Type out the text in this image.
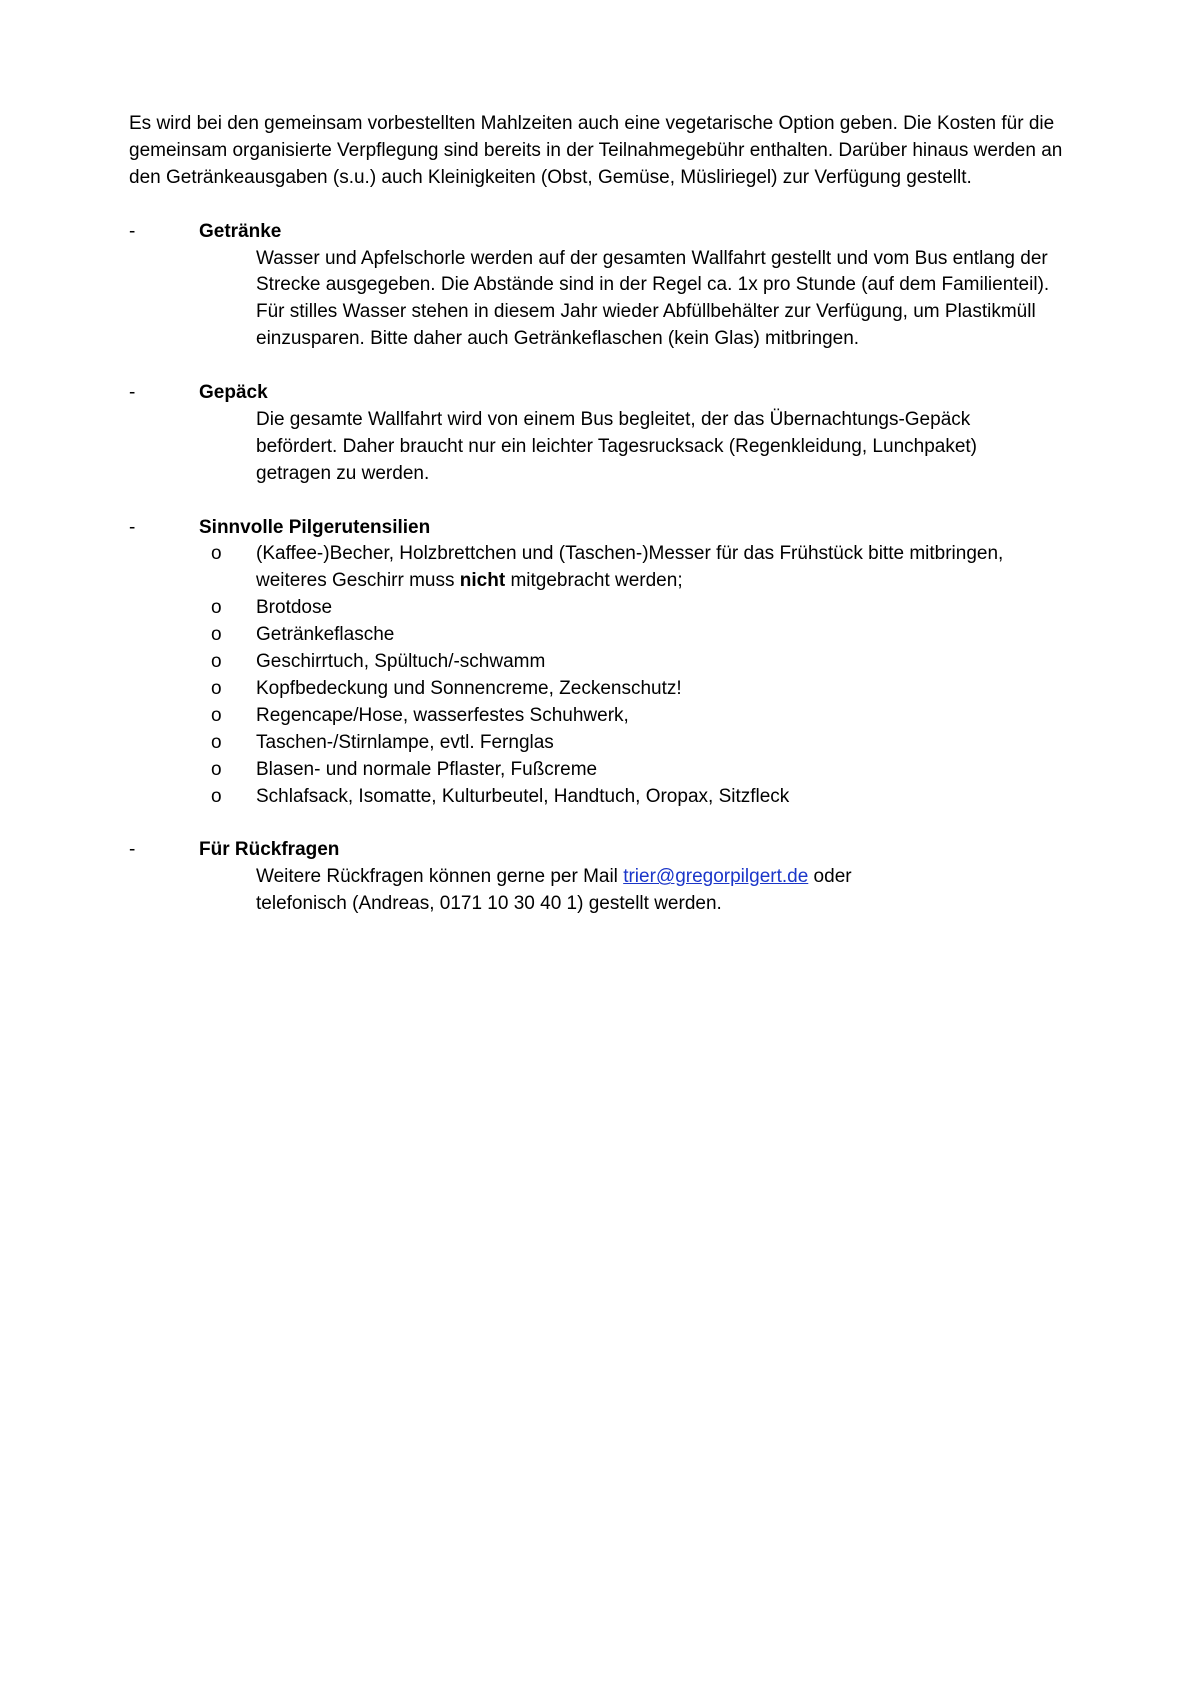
Es wird bei den gemeinsam vorbestellten Mahlzeiten auch eine vegetarische Option geben. Die Kosten für die gemeinsam organisierte Verpflegung sind bereits in der Teilnahmegebühr enthalten. Darüber hinaus werden an den Getränkeausgaben (s.u.) auch Kleinigkeiten (Obst, Gemüse, Müsliriegel) zur Verfügung gestellt.

-	Getränke
Wasser und Apfelschorle werden auf der gesamten Wallfahrt gestellt und vom Bus entlang der Strecke ausgegeben. Die Abstände sind in der Regel ca. 1x pro Stunde (auf dem Familienteil). Für stilles Wasser stehen in diesem Jahr wieder Abfüllbehälter zur Verfügung, um Plastikmüll einzusparen. Bitte daher auch Getränkeflaschen (kein Glas) mitbringen.
-	Gepäck
Die gesamte Wallfahrt wird von einem Bus begleitet, der das Übernachtungs-Gepäck befördert. Daher braucht nur ein leichter Tagesrucksack (Regenkleidung, Lunchpaket) getragen zu werden.
-	Sinnvolle Pilgerutensilien
o (Kaffee-)Becher, Holzbrettchen und (Taschen-)Messer für das Frühstück bitte mitbringen, weiteres Geschirr muss nicht mitgebracht werden;
o Brotdose
o Getränkeflasche
o Geschirrtuch, Spültuch/-schwamm
o Kopfbedeckung und Sonnencreme, Zeckenschutz!
o Regencape/Hose, wasserfestes Schuhwerk,
o Taschen-/Stirnlampe, evtl. Fernglas
o Blasen- und normale Pflaster, Fußcreme
o Schlafsack, Isomatte, Kulturbeutel, Handtuch, Oropax, Sitzfleck
-	Für Rückfragen
Weitere Rückfragen können gerne per Mail trier@gregorpilgert.de oder
telefonisch (Andreas, 0171 10 30 40 1) gestellt werden.
